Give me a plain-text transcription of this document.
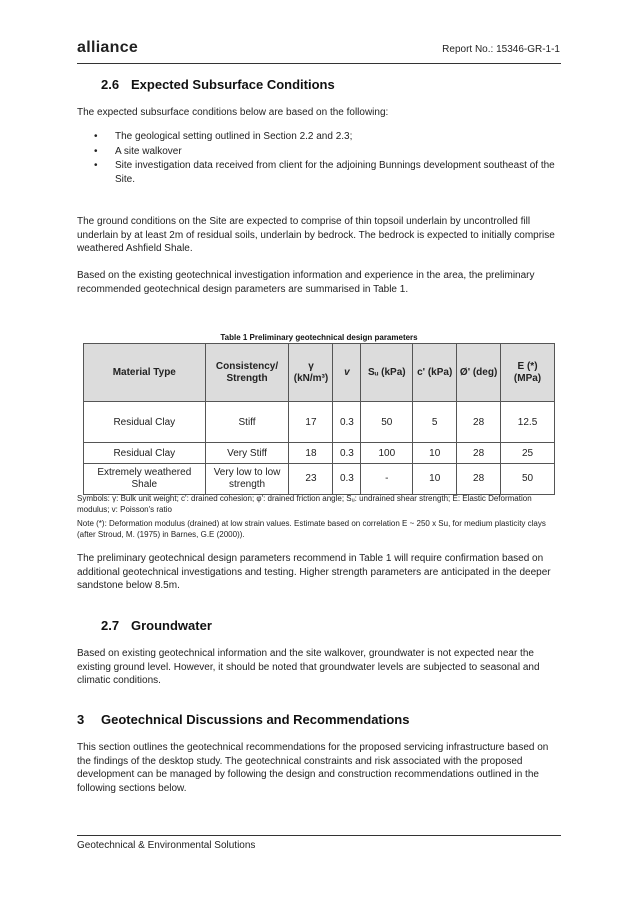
alliance	Report No.: 15346-GR-1-1
2.6 Expected Subsurface Conditions

The expected subsurface conditions below are based on the following:

• The geological setting outlined in Section 2.2 and 2.3;
• A site walkover
• Site investigation data received from client for the adjoining Bunnings development southeast of the Site.

The ground conditions on the Site are expected to comprise of thin topsoil underlain by uncontrolled fill underlain by at least 2m of residual soils, underlain by bedrock. The bedrock is expected to initially comprise weathered Ashfield Shale.

Based on the existing geotechnical investigation information and experience in the area, the preliminary recommended geotechnical design parameters are summarised in Table 1.

Table 1 Preliminary geotechnical design parameters
Material Type	Consistency/ Strength	γ (kN/m³)	v	Sᵤ (kPa)	c' (kPa)	Ø' (deg)	E (*) (MPa)
Residual Clay	Stiff	17	0.3	50	5	28	12.5
Residual Clay	Very Stiff	18	0.3	100	10	28	25
Extremely weathered Shale	Very low to low strength	23	0.3	-	10	28	50

Symbols: γ: Bulk unit weight; c': drained cohesion; φ': drained friction angle; Sᵤ: undrained shear strength; E: Elastic Deformation modulus; v: Poisson's ratio

Note (*): Deformation modulus (drained) at low strain values. Estimate based on correlation E ~ 250 x Su, for medium plasticity clays (after Stroud, M. (1975) in Barnes, G.E (2000)).

The preliminary geotechnical design parameters recommend in Table 1 will require confirmation based on additional geotechnical investigations and testing. Higher strength parameters are anticipated in the deeper sandstone below 8.5m.

2.7 Groundwater

Based on existing geotechnical information and the site walkover, groundwater is not expected near the existing ground level. However, it should be noted that groundwater levels are subjected to seasonal and climatic conditions.

3 Geotechnical Discussions and Recommendations

This section outlines the geotechnical recommendations for the proposed servicing infrastructure based on the findings of the desktop study. The geotechnical constraints and risk associated with the proposed development can be managed by following the design and construction recommendations outlined in the following sections below.

Geotechnical & Environmental Solutions
